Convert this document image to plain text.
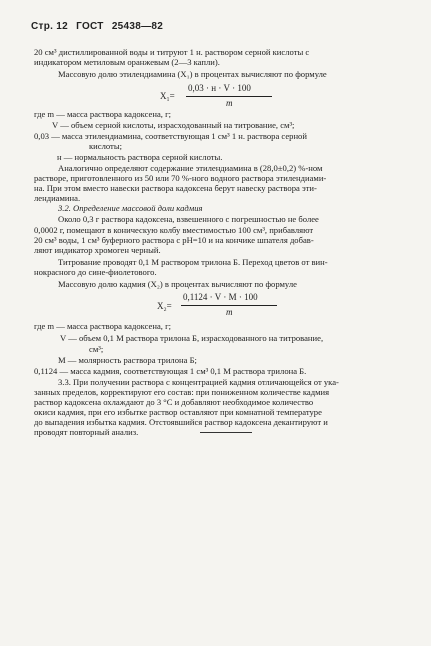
Стр. 12 ГОСТ 25438—82
20 см³ дистиллированной воды и титруют 1 н. раствором серной кислоты с
индикатором метиловым оранжевым (2—3 капли).
Массовую долю этилендиамина (X₁) в процентах вычисляют по формуле
X₁=
0,03 · н · V · 100
m
где m — масса раствора кадоксена, г;
V — объем серной кислоты, израсходованный на титрование, см³;
0,03 — масса этилендиамина, соответствующая 1 см³ 1 н. раствора серной
кислоты;
н — нормальность раствора серной кислоты.
Аналогично определяют содержание этилендиамина в (28,0±0,2) %-ном
растворе, приготовленного из 50 или 70 %-ного водного раствора этилендиами-
на. При этом вместо навески раствора кадоксена берут навеску раствора эти-
лендиамина.
3.2. Определение массовой доли кадмия
Около 0,3 г раствора кадоксена, взвешенного с погрешностью не более
0,0002 г, помещают в коническую колбу вместимостью 100 см³, прибавляют
20 см³ воды, 1 см³ буферного раствора с pH=10 и на кончике шпателя добав-
ляют индикатор хромоген черный.
Титрование проводят 0,1 М раствором трилона Б. Переход цветов от вин-
нокрасного до сине-фиолетового.
Массовую долю кадмия (X₂) в процентах вычисляют по формуле
X₂=
0,1124 · V · M · 100
m
где m — масса раствора кадоксена, г;
V — объем 0,1 М раствора трилона Б, израсходованного на титрование,
см³;
М — молярность раствора трилона Б;
0,1124 — масса кадмия, соответствующая 1 см³ 0,1 М раствора трилона Б.
3.3. При получении раствора с концентрацией кадмия отличающейся от ука-
занных пределов, корректируют его состав: при пониженном количестве кадмия
раствор кадоксена охлаждают до 3 °С и добавляют необходимое количество
окиси кадмия, при его избытке раствор оставляют при комнатной температуре
до выпадения избытка кадмия. Отстоявшийся раствор кадоксена декантируют и
проводят повторный анализ.
